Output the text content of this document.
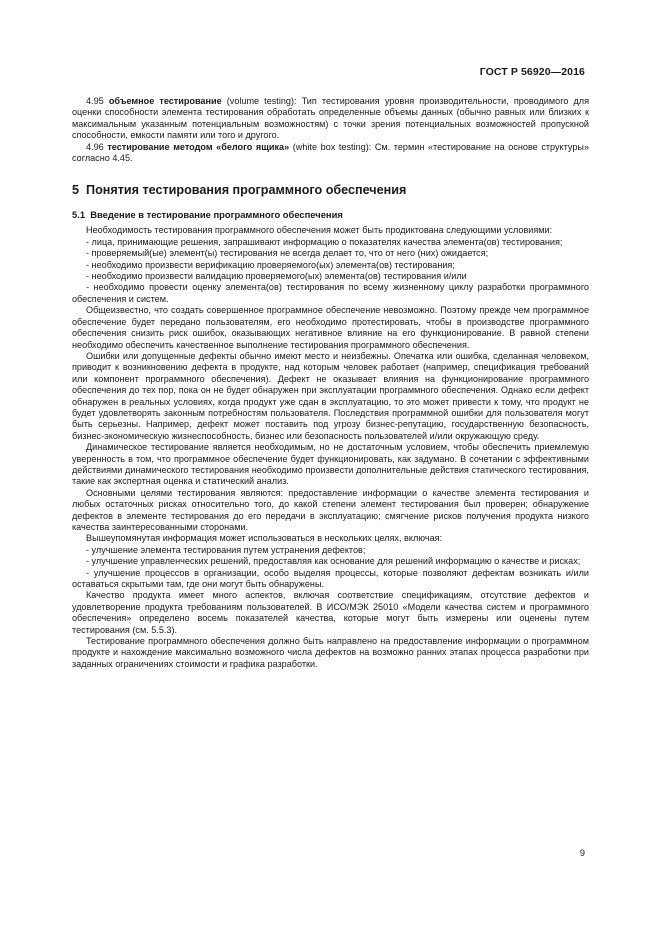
ГОСТ Р 56920—2016

4.95 объемное тестирование (volume testing): Тип тестирования уровня производительности, проводимого для оценки способности элемента тестирования обработать определенные объемы данных (обычно равных или близких к максимальным указанным потенциальным возможностям) с точки зрения потенциальных возможностей пропускной способности, емкости памяти или того и другого.

4.96 тестирование методом «белого ящика» (white box testing): См. термин «тестирование на основе структуры» согласно 4.45.

5 Понятия тестирования программного обеспечения
5.1 Введение в тестирование программного обеспечения

Необходимость тестирования программного обеспечения может быть продиктована следующими условиями:

- лица, принимающие решения, запрашивают информацию о показателях качества элемента(ов) тестирования;

- проверяемый(ые) элемент(ы) тестирования не всегда делает то, что от него (них) ожидается;

- необходимо произвести верификацию проверяемого(ых) элемента(ов) тестирования;

- необходимо произвести валидацию проверяемого(ых) элемента(ов) тестирования и/или

- необходимо провести оценку элемента(ов) тестирования по всему жизненному циклу разработки программного обеспечения и систем.

Общеизвестно, что создать совершенное программное обеспечение невозможно. Поэтому прежде чем программное обеспечение будет передано пользователям, его необходимо протестировать, чтобы в производстве программного обеспечения снизить риск ошибок, оказывающих негативное влияние на его функционирование. В равной степени необходимо обеспечить качественное выполнение тестирования программного обеспечения.

Ошибки или допущенные дефекты обычно имеют место и неизбежны. Опечатка или ошибка, сделанная человеком, приводит к возникновению дефекта в продукте, над которым человек работает (например, спецификация требований или компонент программного обеспечения). Дефект не оказывает влияния на функционирование программного обеспечения до тех пор, пока он не будет обнаружен при эксплуатации программного обеспечения. Однако если дефект обнаружен в реальных условиях, когда продукт уже сдан в эксплуатацию, то это может привести к тому, что продукт не будет удовлетворять законным потребностям пользователя. Последствия программной ошибки для пользователя могут быть серьезны. Например, дефект может поставить под угрозу бизнес-репутацию, государственную безопасность, бизнес-экономическую жизнеспособность, бизнес или безопасность пользователей и/или окружающую среду.

Динамическое тестирование является необходимым, но не достаточным условием, чтобы обеспечить приемлемую уверенность в том, что программное обеспечение будет функционировать, как задумано. В сочетании с эффективными действиями динамического тестирования необходимо произвести дополнительные действия статического тестирования, такие как экспертная оценка и статический анализ.

Основными целями тестирования являются: предоставление информации о качестве элемента тестирования и любых остаточных рисках относительно того, до какой степени элемент тестирования был проверен; обнаружение дефектов в элементе тестирования до его передачи в эксплуатацию; смягчение рисков получения продукта низкого качества заинтересованными сторонами.

Вышеупомянутая информация может использоваться в нескольких целях, включая:

- улучшение элемента тестирования путем устранения дефектов;

- улучшение управленческих решений, предоставляя как основание для решений информацию о качестве и рисках;

- улучшение процессов в организации, особо выделяя процессы, которые позволяют дефектам возникать и/или оставаться скрытыми там, где они могут быть обнаружены.

Качество продукта имеет много аспектов, включая соответствие спецификациям, отсутствие дефектов и удовлетворение продукта требованиям пользователей. В ИСО/МЭК 25010 «Модели качества систем и программного обеспечения» определено восемь показателей качества, которые могут быть измерены или оценены путем тестирования (см. 5.5.3).

Тестирование программного обеспечения должно быть направлено на предоставление информации о программном продукте и нахождение максимально возможного числа дефектов на возможно ранних этапах процесса разработки при заданных ограничениях стоимости и графика разработки.

9
